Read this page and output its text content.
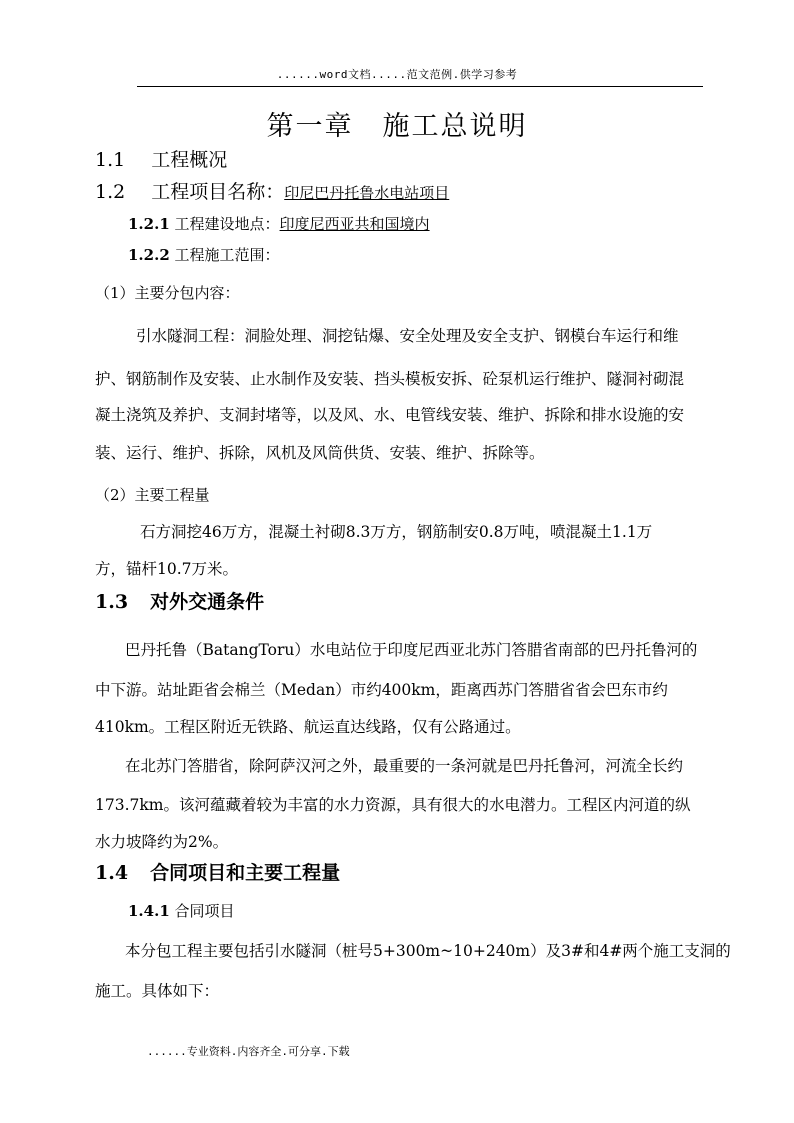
......word文档.....范文范例.供学习参考
第一章　施工总说明
1.1 工程概况
1.2 工程项目名称：印尼巴丹托鲁水电站项目
1.2.1 工程建设地点：印度尼西亚共和国境内
1.2.2 工程施工范围：
（1）主要分包内容：
引水隧洞工程：洞脸处理、洞挖钻爆、安全处理及安全支护、钢模台车运行和维
护、钢筋制作及安装、止水制作及安装、挡头模板安拆、砼泵机运行维护、隧洞衬砌混
凝土浇筑及养护、支洞封堵等，以及风、水、电管线安装、维护、拆除和排水设施的安
装、运行、维护、拆除，风机及风筒供货、安装、维护、拆除等。
（2）主要工程量
石方洞挖46万方，混凝土衬砌8.3万方，钢筋制安0.8万吨，喷混凝土1.1万
方，锚杆10.7万米。
1.3 对外交通条件
巴丹托鲁（BatangToru）水电站位于印度尼西亚北苏门答腊省南部的巴丹托鲁河的
中下游。站址距省会棉兰（Medan）市约400km，距离西苏门答腊省省会巴东市约
410km。工程区附近无铁路、航运直达线路，仅有公路通过。
在北苏门答腊省，除阿萨汉河之外，最重要的一条河就是巴丹托鲁河，河流全长约
173.7km。该河蕴藏着较为丰富的水力资源，具有很大的水电潜力。工程区内河道的纵
水力坡降约为2%。
1.4 合同项目和主要工程量
1.4.1 合同项目
本分包工程主要包括引水隧洞（桩号5+300m~10+240m）及3#和4#两个施工支洞的
施工。具体如下：
......专业资料.内容齐全.可分享.下载
